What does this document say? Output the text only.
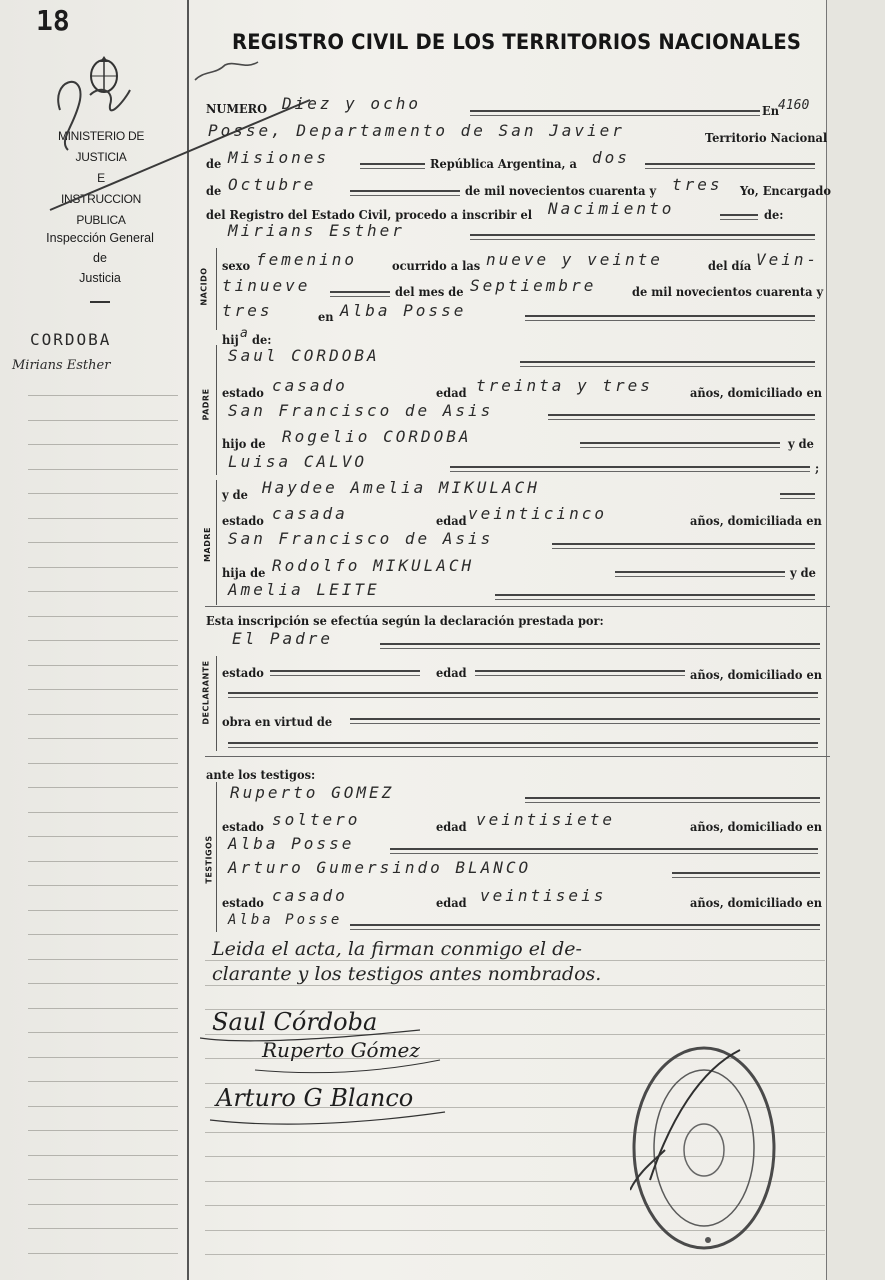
18
MINISTERIO DE JUSTICIA
E
INSTRUCCION PUBLICA
Inspección General
de
Justicia
CORDOBA
Mirians Esther
REGISTRO CIVIL DE LOS TERRITORIOS NACIONALES
NUMERO Diez y ocho	En 4160
Posse, Departamento de San Javier	Territorio Nacional
de Misiones	República Argentina, a dos
de Octubre	de mil novecientos cuarenta y tres Yo, Encargado
del Registro del Estado Civil, procedo a inscribir el Nacimiento	de:
Mirians Esther
NACIDO
sexo femenino	ocurrido a las nueve y veinte	del día Vein-
tinueve	del mes de Septiembre	de mil novecientos cuarenta y
tres	en Alba Posse
hij a de:
PADRE
Saul CORDOBA
estado casado	edad treinta y tres	años, domiciliado en
San Francisco de Asis
hijo de Rogelio CORDOBA	y de
Luisa CALVO	;
MADRE
y de Haydee Amelia MIKULACH
estado casada	edad veinticinco	años, domiciliada en
San Francisco de Asis
hija de Rodolfo MIKULACH	y de
Amelia LEITE
Esta inscripción se efectúa según la declaración prestada por:
El Padre
DECLARANTE estado	edad	años, domiciliado en
obra en virtud de
ante los testigos:
TESTIGOS
Ruperto GOMEZ
estado soltero	edad veintisiete	años, domiciliado en
Alba Posse
Arturo Gumersindo BLANCO
estado casado	edad veintiseis	años, domiciliado en
Alba Posse
Leida el acta, la firman conmigo el de-
clarante y los testigos antes nombrados.
Saul Córdoba
Ruperto Gómez
Arturo G Blanco
